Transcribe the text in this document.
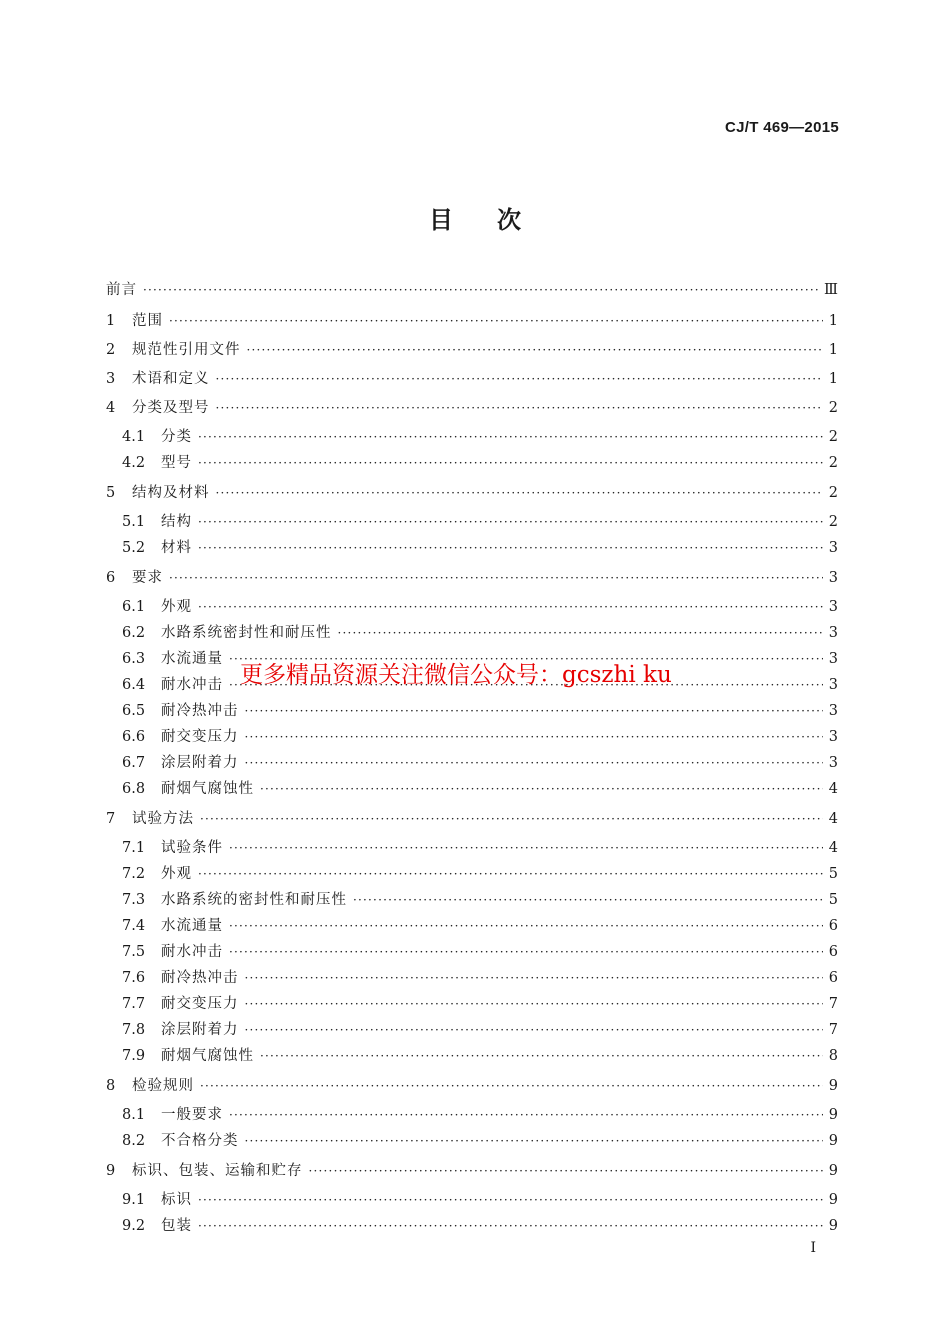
CJ/T 469—2015
目 次
前言 ·····	Ⅲ
1	范围 ·····	1
2	规范性引用文件 ·····	1
3	术语和定义 ·····	1
4	分类及型号 ·····	2
4.1	分类 ·····	2
4.2	型号 ·····	2
5	结构及材料 ·····	2
5.1	结构 ·····	2
5.2	材料 ·····	3
6	要求 ·····	3
6.1	外观 ·····	3
6.2	水路系统密封性和耐压性 ·····	3
6.3	水流通量 ·····	3
6.4	耐水冲击 ·····	3
6.5	耐冷热冲击 ·····	3
6.6	耐交变压力 ·····	3
6.7	涂层附着力 ·····	3
6.8	耐烟气腐蚀性 ·····	4
7	试验方法 ·····	4
7.1	试验条件 ·····	4
7.2	外观 ·····	5
7.3	水路系统的密封性和耐压性 ·····	5
7.4	水流通量 ·····	6
7.5	耐水冲击 ·····	6
7.6	耐冷热冲击 ·····	6
7.7	耐交变压力 ·····	7
7.8	涂层附着力 ·····	7
7.9	耐烟气腐蚀性 ·····	8
8	检验规则 ·····	9
8.1	一般要求 ·····	9
8.2	不合格分类 ·····	9
9	标识、包装、运输和贮存 ·····	9
9.1	标识 ·····	9
9.2	包装 ·····	9
更多精品资源关注微信公众号：gcszhi ku
I
